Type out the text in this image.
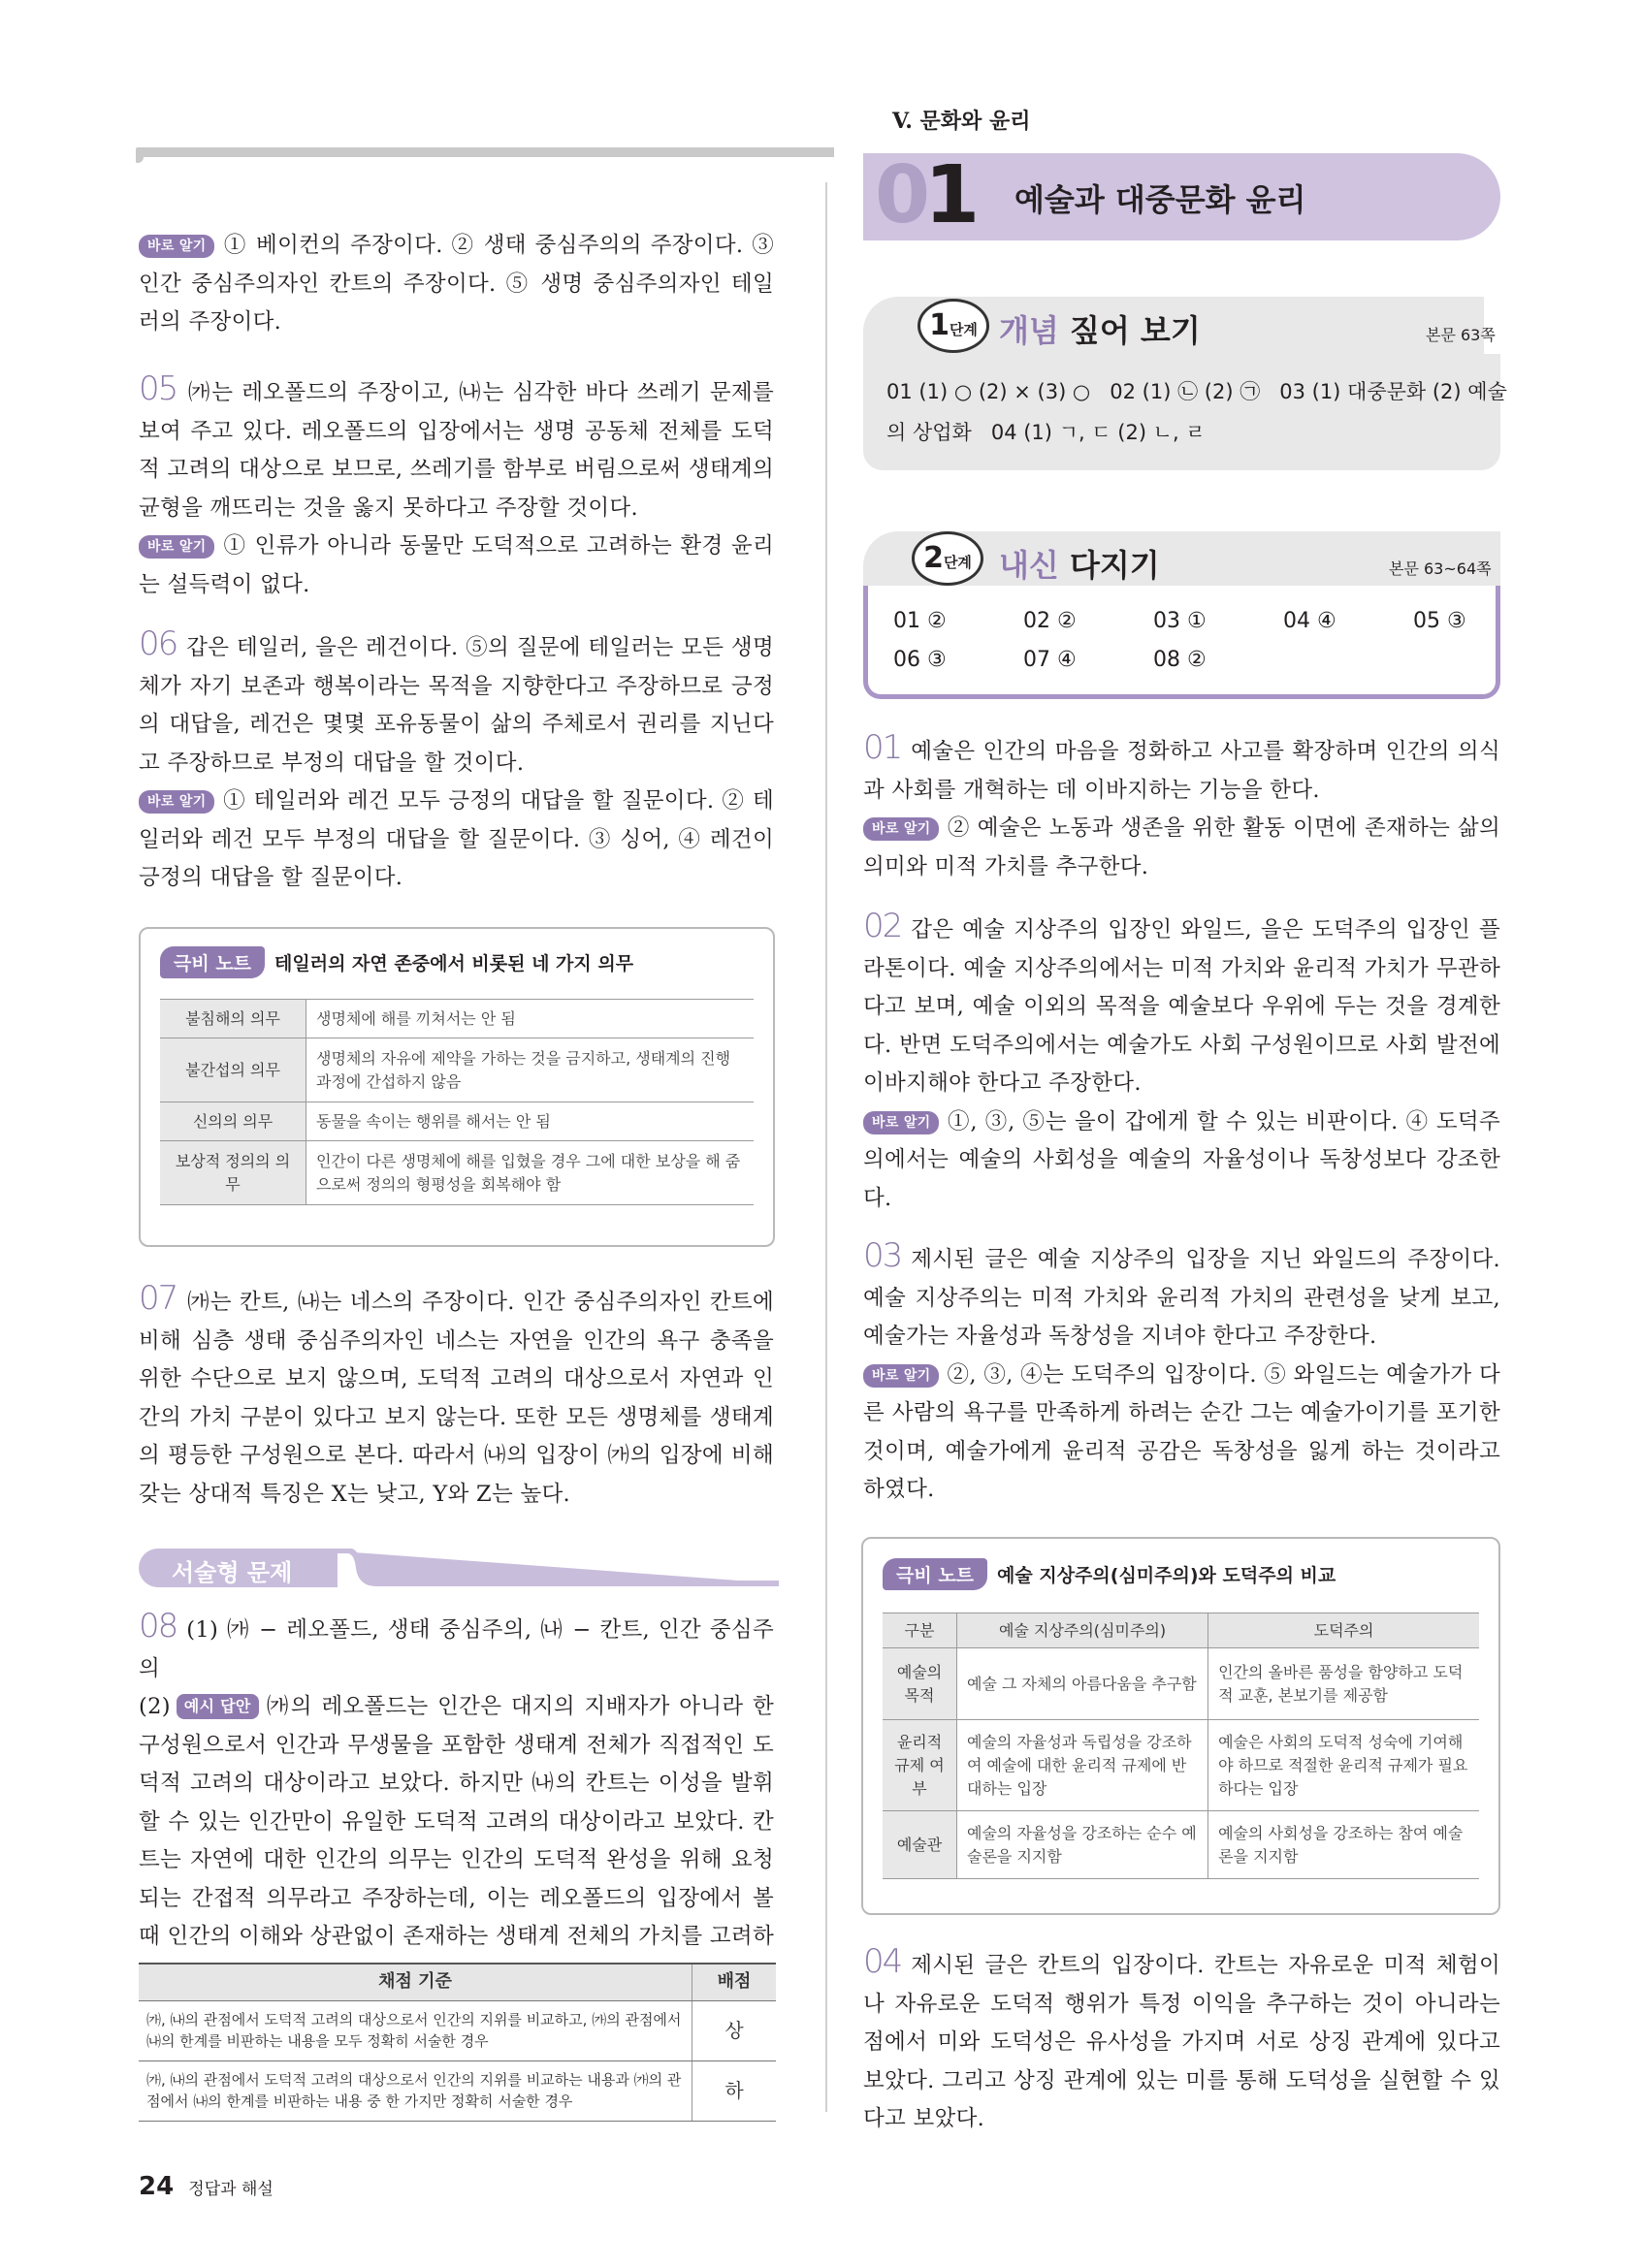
V. 문화와 윤리
01 예술과 대중문화 윤리
1단계 개념 짚어 보기	본문 63쪽
01 (1) ○ (2) × (3) ○   02 (1) ㉡ (2) ㉠   03 (1) 대중문화 (2) 예술
의 상업화   04 (1) ㄱ, ㄷ (2) ㄴ, ㄹ
2단계 내신 다지기	본문 63~64쪽
01 ②	02 ②	03 ①	04 ④	05 ③
06 ③	07 ④	08 ②

바로 알기 ① 베이컨의 주장이다. ② 생태 중심주의의 주장이다. ③ 인간 중심주의자인 칸트의 주장이다. ⑤ 생명 중심주의자인 테일러의 주장이다.

05 ㈎는 레오폴드의 주장이고, ㈏는 심각한 바다 쓰레기 문제를 보여 주고 있다. 레오폴드의 입장에서는 생명 공동체 전체를 도덕적 고려의 대상으로 보므로, 쓰레기를 함부로 버림으로써 생태계의 균형을 깨뜨리는 것을 옳지 못하다고 주장할 것이다.

바로 알기 ① 인류가 아니라 동물만 도덕적으로 고려하는 환경 윤리는 설득력이 없다.

06 갑은 테일러, 을은 레건이다. ⑤의 질문에 테일러는 모든 생명체가 자기 보존과 행복이라는 목적을 지향한다고 주장하므로 긍정의 대답을, 레건은 몇몇 포유동물이 삶의 주체로서 권리를 지닌다고 주장하므로 부정의 대답을 할 것이다.

바로 알기 ① 테일러와 레건 모두 긍정의 대답을 할 질문이다. ② 테일러와 레건 모두 부정의 대답을 할 질문이다. ③ 싱어, ④ 레건이 긍정의 대답을 할 질문이다.

극비 노트 테일러의 자연 존중에서 비롯된 네 가지 의무
불침해의 의무	생명체에 해를 끼쳐서는 안 됨
불간섭의 의무	생명체의 자유에 제약을 가하는 것을 금지하고, 생태계의 진행 과정에 간섭하지 않음
신의의 의무	동물을 속이는 행위를 해서는 안 됨
보상적 정의의 의무	인간이 다른 생명체에 해를 입혔을 경우 그에 대한 보상을 해 줌으로써 정의의 형평성을 회복해야 함

07 ㈎는 칸트, ㈏는 네스의 주장이다. 인간 중심주의자인 칸트에 비해 심층 생태 중심주의자인 네스는 자연을 인간의 욕구 충족을 위한 수단으로 보지 않으며, 도덕적 고려의 대상으로서 자연과 인간의 가치 구분이 있다고 보지 않는다. 또한 모든 생명체를 생태계의 평등한 구성원으로 본다. 따라서 ㈏의 입장이 ㈎의 입장에 비해 갖는 상대적 특징은 X는 낮고, Y와 Z는 높다.

서술형 문제

08 (1) ㈎ − 레오폴드, 생태 중심주의, ㈏ − 칸트, 인간 중심주의

(2) 예시 답안 ㈎의 레오폴드는 인간은 대지의 지배자가 아니라 한 구성원으로서 인간과 무생물을 포함한 생태계 전체가 직접적인 도덕적 고려의 대상이라고 보았다. 하지만 ㈏의 칸트는 이성을 발휘할 수 있는 인간만이 유일한 도덕적 고려의 대상이라고 보았다. 칸트는 자연에 대한 인간의 의무는 인간의 도덕적 완성을 위해 요청되는 간접적 의무라고 주장하는데, 이는 레오폴드의 입장에서 볼 때 인간의 이해와 상관없이 존재하는 생태계 전체의 가치를 고려하

채점 기준	배점
㈎, ㈏의 관점에서 도덕적 고려의 대상으로서 인간의 지위를 비교하고, ㈎의 관점에서 ㈏의 한계를 비판하는 내용을 모두 정확히 서술한 경우	상
㈎, ㈏의 관점에서 도덕적 고려의 대상으로서 인간의 지위를 비교하는 내용과 ㈎의 관점에서 ㈏의 한계를 비판하는 내용 중 한 가지만 정확히 서술한 경우	하

01 예술은 인간의 마음을 정화하고 사고를 확장하며 인간의 의식과 사회를 개혁하는 데 이바지하는 기능을 한다.

바로 알기 ② 예술은 노동과 생존을 위한 활동 이면에 존재하는 삶의 의미와 미적 가치를 추구한다.

02 갑은 예술 지상주의 입장인 와일드, 을은 도덕주의 입장인 플라톤이다. 예술 지상주의에서는 미적 가치와 윤리적 가치가 무관하다고 보며, 예술 이외의 목적을 예술보다 우위에 두는 것을 경계한다. 반면 도덕주의에서는 예술가도 사회 구성원이므로 사회 발전에 이바지해야 한다고 주장한다.

바로 알기 ①, ③, ⑤는 을이 갑에게 할 수 있는 비판이다. ④ 도덕주의에서는 예술의 사회성을 예술의 자율성이나 독창성보다 강조한다.

03 제시된 글은 예술 지상주의 입장을 지닌 와일드의 주장이다. 예술 지상주의는 미적 가치와 윤리적 가치의 관련성을 낮게 보고, 예술가는 자율성과 독창성을 지녀야 한다고 주장한다.

바로 알기 ②, ③, ④는 도덕주의 입장이다. ⑤ 와일드는 예술가가 다른 사람의 욕구를 만족하게 하려는 순간 그는 예술가이기를 포기한 것이며, 예술가에게 윤리적 공감은 독창성을 잃게 하는 것이라고 하였다.

극비 노트 예술 지상주의(심미주의)와 도덕주의 비교
구분	예술 지상주의(심미주의)	도덕주의
예술의 목적	예술 그 자체의 아름다움을 추구함	인간의 올바른 품성을 함양하고 도덕적 교훈, 본보기를 제공함
윤리적 규제 여부	예술의 자율성과 독립성을 강조하여 예술에 대한 윤리적 규제에 반대하는 입장	예술은 사회의 도덕적 성숙에 기여해야 하므로 적절한 윤리적 규제가 필요하다는 입장
예술관	예술의 자율성을 강조하는 순수 예술론을 지지함	예술의 사회성을 강조하는 참여 예술론을 지지함

04 제시된 글은 칸트의 입장이다. 칸트는 자유로운 미적 체험이나 자유로운 도덕적 행위가 특정 이익을 추구하는 것이 아니라는 점에서 미와 도덕성은 유사성을 가지며 서로 상징 관계에 있다고 보았다. 그리고 상징 관계에 있는 미를 통해 도덕성을 실현할 수 있다고 보았다.

24 정답과 해설
